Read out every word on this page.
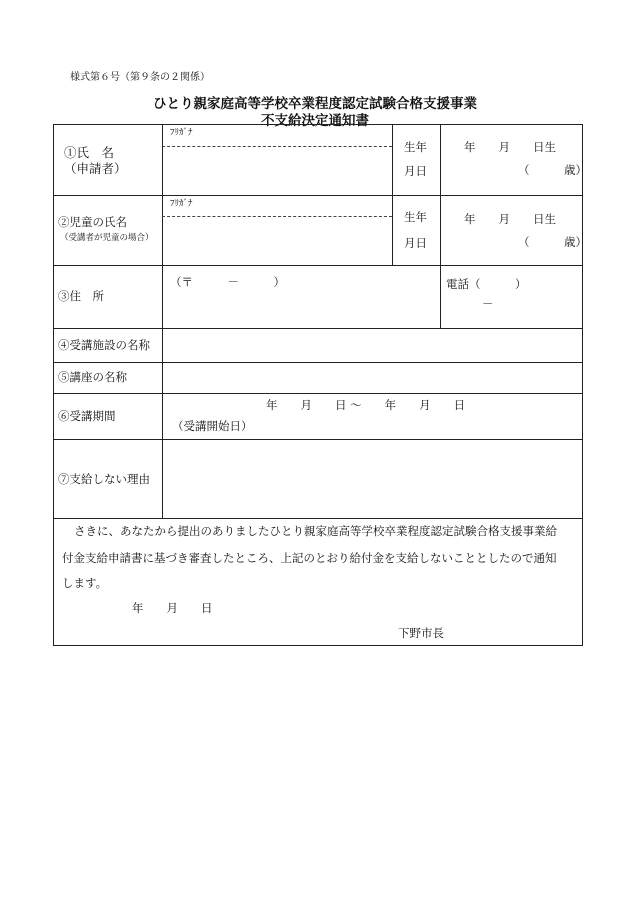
様式第６号（第９条の２関係）
ひとり親家庭高等学校卒業程度認定試験合格支援事業
不支給決定通知書
①氏　名
（申請者）
ﾌﾘｶﾞﾅ
生年
月日
年　　月　　日生
（　　　歳）
②児童の氏名
（受講者が児童の場合）
ﾌﾘｶﾞﾅ
生年
月日
年　　月　　日生
（　　　歳）
③住　所
（〒　　　－　　　）	電話（　　　）
－
④受講施設の名称
⑤講座の名称
⑥受講期間
年　　月　　日 ～　　年　　月　　日
（受講開始日）
⑦支給しない理由
さきに、あなたから提出のありましたひとり親家庭高等学校卒業程度認定試験合格支援事業給
付金支給申請書に基づき審査したところ、上記のとおり給付金を支給しないこととしたので通知
します。
年　　月　　日
下野市長
